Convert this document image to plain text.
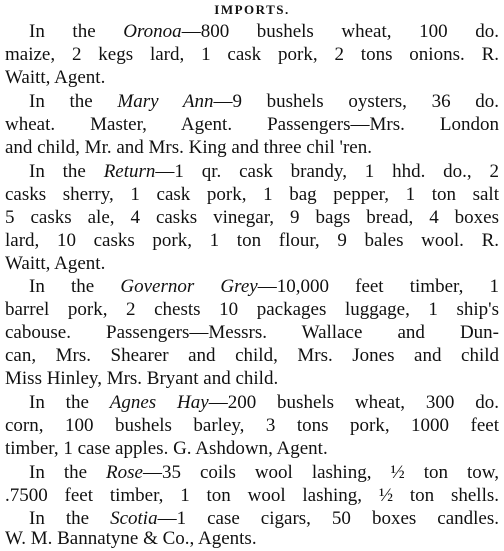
IMPORTS.
In the Oronoa—800 bushels wheat, 100 do.
maize, 2 kegs lard, 1 cask pork, 2 tons onions. R.
Waitt, Agent.
In the Mary Ann—9 bushels oysters, 36 do.
wheat. Master, Agent. Passengers—Mrs. London
and child, Mr. and Mrs. King and three chil 'ren.
In the Return—1 qr. cask brandy, 1 hhd. do., 2
casks sherry, 1 cask pork, 1 bag pepper, 1 ton salt
5 casks ale, 4 casks vinegar, 9 bags bread, 4 boxes
lard, 10 casks pork, 1 ton flour, 9 bales wool. R.
Waitt, Agent.
In the Governor Grey—10,000 feet timber, 1
barrel pork, 2 chests 10 packages luggage, 1 ship's
cabouse. Passengers—Messrs. Wallace and Dun-
can, Mrs. Shearer and child, Mrs. Jones and child
Miss Hinley, Mrs. Bryant and child.
In the Agnes Hay—200 bushels wheat, 300 do.
corn, 100 bushels barley, 3 tons pork, 1000 feet
timber, 1 case apples. G. Ashdown, Agent.
In the Rose—35 coils wool lashing, ½ ton tow,
.7500 feet timber, 1 ton wool lashing, ½ ton shells.
In the Scotia—1 case cigars, 50 boxes candles.
W. M. Bannatyne & Co., Agents.
